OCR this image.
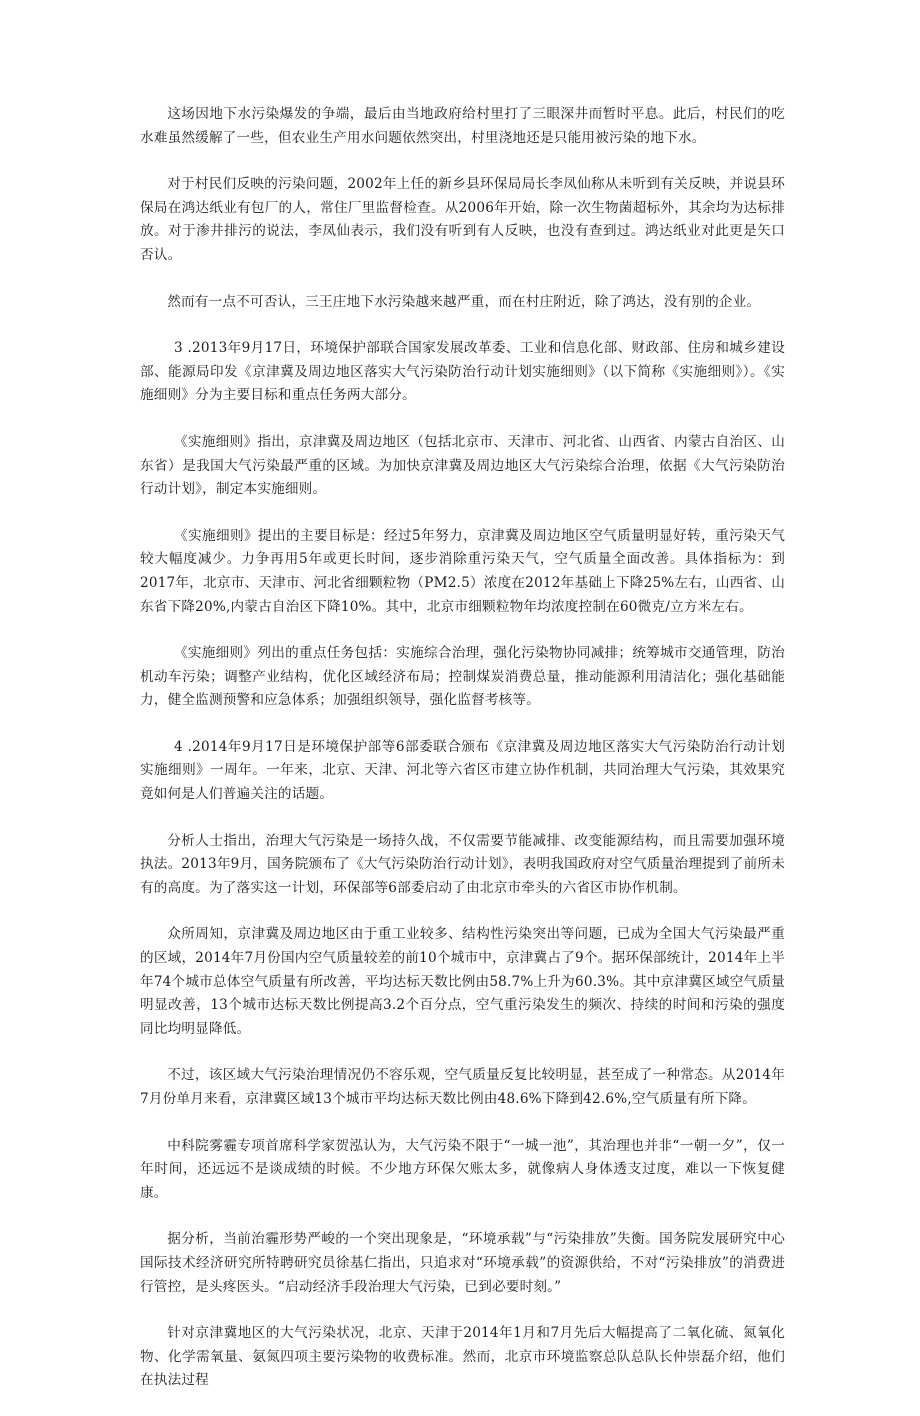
这场因地下水污染爆发的争端，最后由当地政府给村里打了三眼深井而暂时平息。此后，村民们的吃水难虽然缓解了一些，但农业生产用水问题依然突出，村里浇地还是只能用被污染的地下水。

对于村民们反映的污染问题，2002年上任的新乡县环保局局长李凤仙称从未听到有关反映，并说县环保局在鸿达纸业有包厂的人，常住厂里监督检查。从2006年开始，除一次生物菌超标外，其余均为达标排放。对于渗井排污的说法，李凤仙表示，我们没有听到有人反映，也没有查到过。鸿达纸业对此更是矢口否认。

然而有一点不可否认，三王庄地下水污染越来越严重，而在村庄附近，除了鸿达，没有别的企业。

3 .2013年9月17日，环境保护部联合国家发展改革委、工业和信息化部、财政部、住房和城乡建设部、能源局印发《京津冀及周边地区落实大气污染防治行动计划实施细则》（以下简称《实施细则》）。《实施细则》分为主要目标和重点任务两大部分。

《实施细则》指出，京津冀及周边地区（包括北京市、天津市、河北省、山西省、内蒙古自治区、山东省）是我国大气污染最严重的区域。为加快京津冀及周边地区大气污染综合治理，依据《大气污染防治行动计划》，制定本实施细则。

《实施细则》提出的主要目标是：经过5年努力，京津冀及周边地区空气质量明显好转，重污染天气较大幅度减少。力争再用5年或更长时间，逐步消除重污染天气，空气质量全面改善。具体指标为：到2017年，北京市、天津市、河北省细颗粒物（PM2.5）浓度在2012年基础上下降25%左右，山西省、山东省下降20%,内蒙古自治区下降10%。其中，北京市细颗粒物年均浓度控制在60微克/立方米左右。

《实施细则》列出的重点任务包括：实施综合治理，强化污染物协同减排；统筹城市交通管理，防治机动车污染；调整产业结构，优化区域经济布局；控制煤炭消费总量，推动能源利用清洁化；强化基础能力，健全监测预警和应急体系；加强组织领导，强化监督考核等。

4 .2014年9月17日是环境保护部等6部委联合颁布《京津冀及周边地区落实大气污染防治行动计划实施细则》一周年。一年来，北京、天津、河北等六省区市建立协作机制，共同治理大气污染，其效果究竟如何是人们普遍关注的话题。

分析人士指出，治理大气污染是一场持久战，不仅需要节能减排、改变能源结构，而且需要加强环境执法。2013年9月，国务院颁布了《大气污染防治行动计划》，表明我国政府对空气质量治理提到了前所未有的高度。为了落实这一计划，环保部等6部委启动了由北京市牵头的六省区市协作机制。

众所周知，京津冀及周边地区由于重工业较多、结构性污染突出等问题，已成为全国大气污染最严重的区域，2014年7月份国内空气质量较差的前10个城市中，京津冀占了9个。据环保部统计，2014年上半年74个城市总体空气质量有所改善，平均达标天数比例由58.7%上升为60.3%。其中京津冀区域空气质量明显改善，13个城市达标天数比例提高3.2个百分点，空气重污染发生的频次、持续的时间和污染的强度同比均明显降低。

不过，该区域大气污染治理情况仍不容乐观，空气质量反复比较明显，甚至成了一种常态。从2014年7月份单月来看，京津冀区域13个城市平均达标天数比例由48.6%下降到42.6%,空气质量有所下降。

中科院雾霾专项首席科学家贺泓认为，大气污染不限于“一城一池”，其治理也并非“一朝一夕”，仅一年时间，还远远不是谈成绩的时候。不少地方环保欠账太多，就像病人身体透支过度，难以一下恢复健康。

据分析，当前治霾形势严峻的一个突出现象是，“环境承载”与“污染排放”失衡。国务院发展研究中心国际技术经济研究所特聘研究员徐基仁指出，只追求对“环境承载”的资源供给，不对“污染排放”的消费进行管控，是头疼医头。“启动经济手段治理大气污染，已到必要时刻。”

针对京津冀地区的大气污染状况，北京、天津于2014年1月和7月先后大幅提高了二氧化硫、氮氧化物、化学需氧量、氨氮四项主要污染物的收费标准。然而，北京市环境监察总队总队长仲崇磊介绍，他们在执法过程
